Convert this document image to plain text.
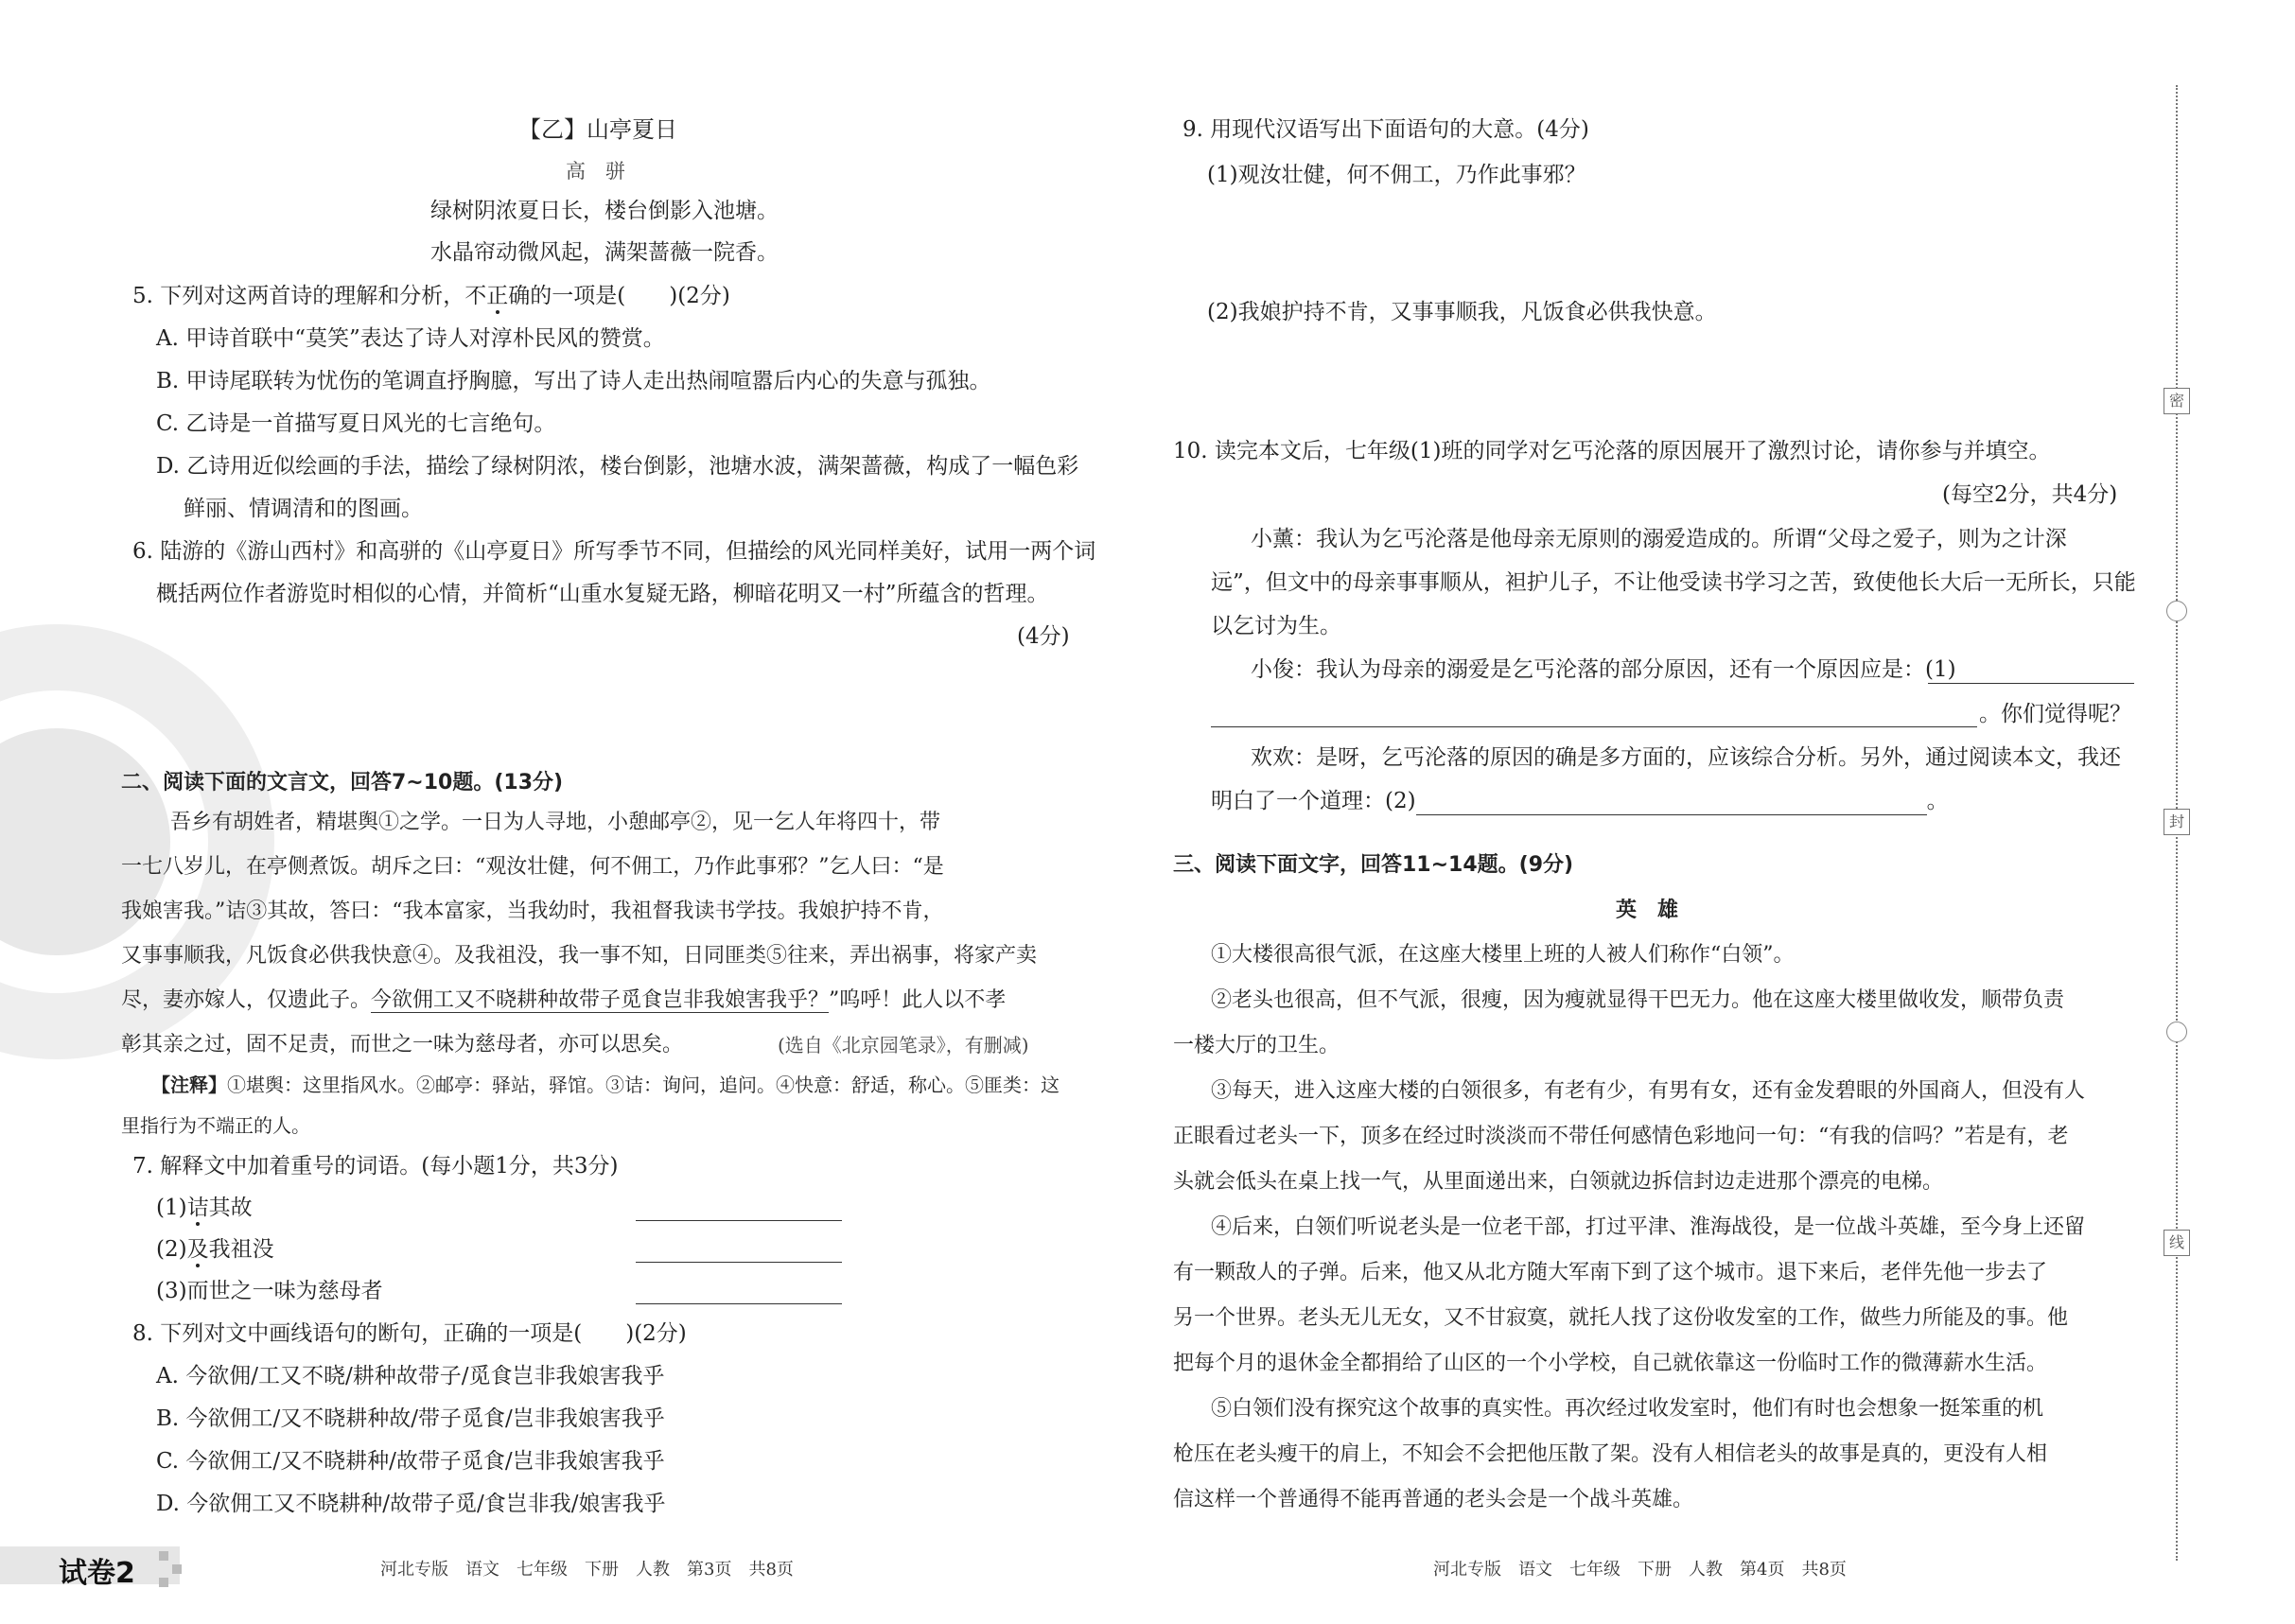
【乙】山亭夏日
高　骈
绿树阴浓夏日长，楼台倒影入池塘。
水晶帘动微风起，满架蔷薇一院香。
5. 下列对这两首诗的理解和分析，不正确的一项是(　　)(2分)
A. 甲诗首联中“莫笑”表达了诗人对淳朴民风的赞赏。
B. 甲诗尾联转为忧伤的笔调直抒胸臆，写出了诗人走出热闹喧嚣后内心的失意与孤独。
C. 乙诗是一首描写夏日风光的七言绝句。
D. 乙诗用近似绘画的手法，描绘了绿树阴浓，楼台倒影，池塘水波，满架蔷薇，构成了一幅色彩
鲜丽、情调清和的图画。
6. 陆游的《游山西村》和高骈的《山亭夏日》所写季节不同，但描绘的风光同样美好，试用一两个词
概括两位作者游览时相似的心情，并简析“山重水复疑无路，柳暗花明又一村”所蕴含的哲理。
(4分)
二、阅读下面的文言文，回答7~10题。(13分)
吾乡有胡姓者，精堪舆①之学。一日为人寻地，小憩邮亭②，见一乞人年将四十，带
一七八岁儿，在亭侧煮饭。胡斥之曰：“观汝壮健，何不佣工，乃作此事邪？”乞人曰：“是
我娘害我。”诘③其故，答曰：“我本富家，当我幼时，我祖督我读书学技。我娘护持不肯，
又事事顺我，凡饭食必供我快意④。及我祖没，我一事不知，日同匪类⑤往来，弄出祸事，将家产卖
尽，妻亦嫁人，仅遗此子。今欲佣工又不晓耕种故带子觅食岂非我娘害我乎？”呜呼！此人以不孝
彰其亲之过，固不足责，而世之一味为慈母者，亦可以思矣。	(选自《北京园笔录》，有删减)
【注释】①堪舆：这里指风水。②邮亭：驿站，驿馆。③诘：询问，追问。④快意：舒适，称心。⑤匪类：这
里指行为不端正的人。
7. 解释文中加着重号的词语。(每小题1分，共3分)
(1)诘其故
(2)及我祖没
(3)而世之一味为慈母者
8. 下列对文中画线语句的断句，正确的一项是(　　)(2分)
A. 今欲佣/工又不晓/耕种故带子/觅食岂非我娘害我乎
B. 今欲佣工/又不晓耕种故/带子觅食/岂非我娘害我乎
C. 今欲佣工/又不晓耕种/故带子觅食/岂非我娘害我乎
D. 今欲佣工又不晓耕种/故带子觅/食岂非我/娘害我乎
试卷2	河北专版　语文　七年级　下册　人教　第3页　共8页
9. 用现代汉语写出下面语句的大意。(4分)
(1)观汝壮健，何不佣工，乃作此事邪？
(2)我娘护持不肯，又事事顺我，凡饭食必供我快意。
10. 读完本文后，七年级(1)班的同学对乞丐沦落的原因展开了激烈讨论，请你参与并填空。
(每空2分，共4分)
小薰：我认为乞丐沦落是他母亲无原则的溺爱造成的。所谓“父母之爱子，则为之计深
远”，但文中的母亲事事顺从，袒护儿子，不让他受读书学习之苦，致使他长大后一无所长，只能
以乞讨为生。
小俊：我认为母亲的溺爱是乞丐沦落的部分原因，还有一个原因应是：(1)
。你们觉得呢？
欢欢：是呀，乞丐沦落的原因的确是多方面的，应该综合分析。另外，通过阅读本文，我还
明白了一个道理：(2)	。
三、阅读下面文字，回答11~14题。(9分)
英　雄
①大楼很高很气派，在这座大楼里上班的人被人们称作“白领”。
②老头也很高，但不气派，很瘦，因为瘦就显得干巴无力。他在这座大楼里做收发，顺带负责
一楼大厅的卫生。
③每天，进入这座大楼的白领很多，有老有少，有男有女，还有金发碧眼的外国商人，但没有人
正眼看过老头一下，顶多在经过时淡淡而不带任何感情色彩地问一句：“有我的信吗？”若是有，老
头就会低头在桌上找一气，从里面递出来，白领就边拆信封边走进那个漂亮的电梯。
④后来，白领们听说老头是一位老干部，打过平津、淮海战役，是一位战斗英雄，至今身上还留
有一颗敌人的子弹。后来，他又从北方随大军南下到了这个城市。退下来后，老伴先他一步去了
另一个世界。老头无儿无女，又不甘寂寞，就托人找了这份收发室的工作，做些力所能及的事。他
把每个月的退休金全都捐给了山区的一个小学校，自己就依靠这一份临时工作的微薄薪水生活。
⑤白领们没有探究这个故事的真实性。再次经过收发室时，他们有时也会想象一挺笨重的机
枪压在老头瘦干的肩上，不知会不会把他压散了架。没有人相信老头的故事是真的，更没有人相
信这样一个普通得不能再普通的老头会是一个战斗英雄。
河北专版　语文　七年级　下册　人教　第4页　共8页
密
封
线
